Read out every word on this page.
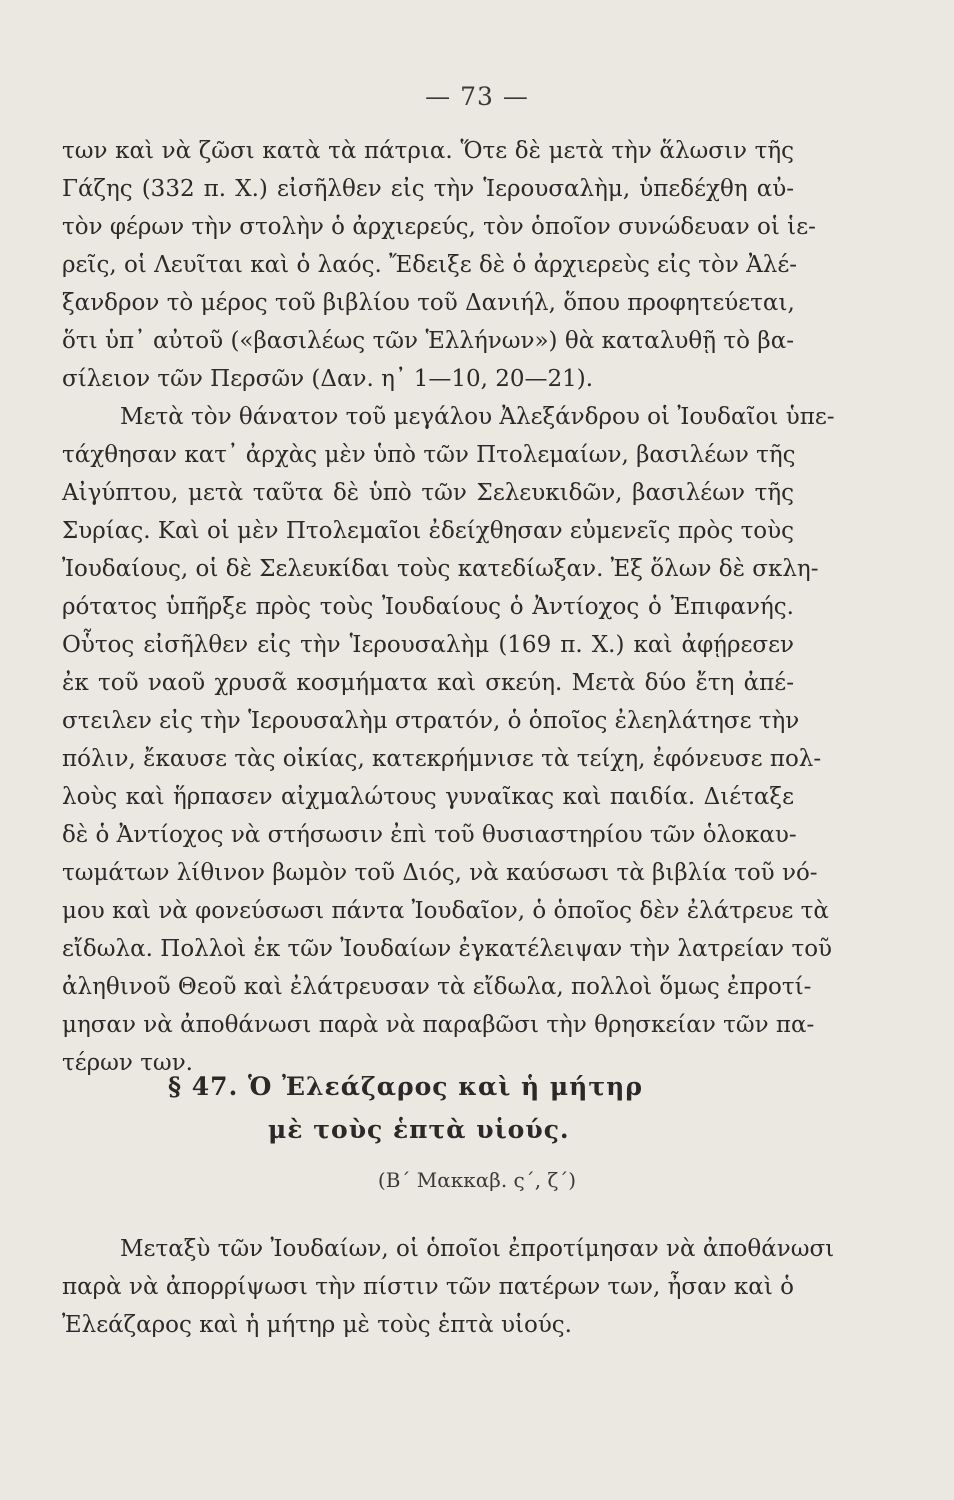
— 73 —
των καὶ νὰ ζῶσι κατὰ τὰ πάτρια. Ὅτε δὲ μετὰ τὴν ἅλωσιν τῆς
Γάζης (332 π. Χ.) εἰσῆλθεν εἰς τὴν Ἱερουσαλὴμ, ὑπεδέχθη αὐ-
τὸν φέρων τὴν στολὴν ὁ ἀρχιερεύς, τὸν ὁποῖον συνώδευαν οἱ ἱε-
ρεῖς, οἱ Λευῖται καὶ ὁ λαός. Ἔδειξε δὲ ὁ ἀρχιερεὺς εἰς τὸν Ἀλέ-
ξανδρον τὸ μέρος τοῦ βιβλίου τοῦ Δανιήλ, ὅπου προφητεύεται,
ὅτι ὑπ᾽ αὐτοῦ («βασιλέως τῶν Ἑλλήνων») θὰ καταλυθῇ τὸ βα-
σίλειον τῶν Περσῶν (Δαν. η᾽ 1—10, 20—21).
Μετὰ τὸν θάνατον τοῦ μεγάλου Ἀλεξάνδρου οἱ Ἰουδαῖοι ὑπε-
τάχθησαν κατ᾽ ἀρχὰς μὲν ὑπὸ τῶν Πτολεμαίων, βασιλέων τῆς
Αἰγύπτου, μετὰ ταῦτα δὲ ὑπὸ τῶν Σελευκιδῶν, βασιλέων τῆς
Συρίας. Καὶ οἱ μὲν Πτολεμαῖοι ἐδείχθησαν εὐμενεῖς πρὸς τοὺς
Ἰουδαίους, οἱ δὲ Σελευκίδαι τοὺς κατεδίωξαν. Ἐξ ὅλων δὲ σκλη-
ρότατος ὑπῆρξε πρὸς τοὺς Ἰουδαίους ὁ Ἀντίοχος ὁ Ἐπιφανής.
Οὗτος εἰσῆλθεν εἰς τὴν Ἱερουσαλὴμ (169 π. Χ.) καὶ ἀφῄρεσεν
ἐκ τοῦ ναοῦ χρυσᾶ κοσμήματα καὶ σκεύη. Μετὰ δύο ἔτη ἀπέ-
στειλεν εἰς τὴν Ἱερουσαλὴμ στρατόν, ὁ ὁποῖος ἐλεηλάτησε τὴν
πόλιν, ἔκαυσε τὰς οἰκίας, κατεκρήμνισε τὰ τείχη, ἐφόνευσε πολ-
λοὺς καὶ ἥρπασεν αἰχμαλώτους γυναῖκας καὶ παιδία. Διέταξε
δὲ ὁ Ἀντίοχος νὰ στήσωσιν ἐπὶ τοῦ θυσιαστηρίου τῶν ὁλοκαυ-
τωμάτων λίθινον βωμὸν τοῦ Διός, νὰ καύσωσι τὰ βιβλία τοῦ νό-
μου καὶ νὰ φονεύσωσι πάντα Ἰουδαῖον, ὁ ὁποῖος δὲν ἐλάτρευε τὰ
εἴδωλα. Πολλοὶ ἐκ τῶν Ἰουδαίων ἐγκατέλειψαν τὴν λατρείαν τοῦ
ἀληθινοῦ Θεοῦ καὶ ἐλάτρευσαν τὰ εἴδωλα, πολλοὶ ὅμως ἐπροτί-
μησαν νὰ ἀποθάνωσι παρὰ νὰ παραβῶσι τὴν θρησκείαν τῶν πα-
τέρων των.
§ 47. Ὁ Ἐλεάζαρος καὶ ἡ μήτηρ
μὲ τοὺς ἑπτὰ υἱούς.
(Β΄ Μακκαβ. ς΄, ζ΄)
Μεταξὺ τῶν Ἰουδαίων, οἱ ὁποῖοι ἐπροτίμησαν νὰ ἀποθάνωσι
παρὰ νὰ ἀπορρίψωσι τὴν πίστιν τῶν πατέρων των, ἦσαν καὶ ὁ
Ἐλεάζαρος καὶ ἡ μήτηρ μὲ τοὺς ἑπτὰ υἱούς.
